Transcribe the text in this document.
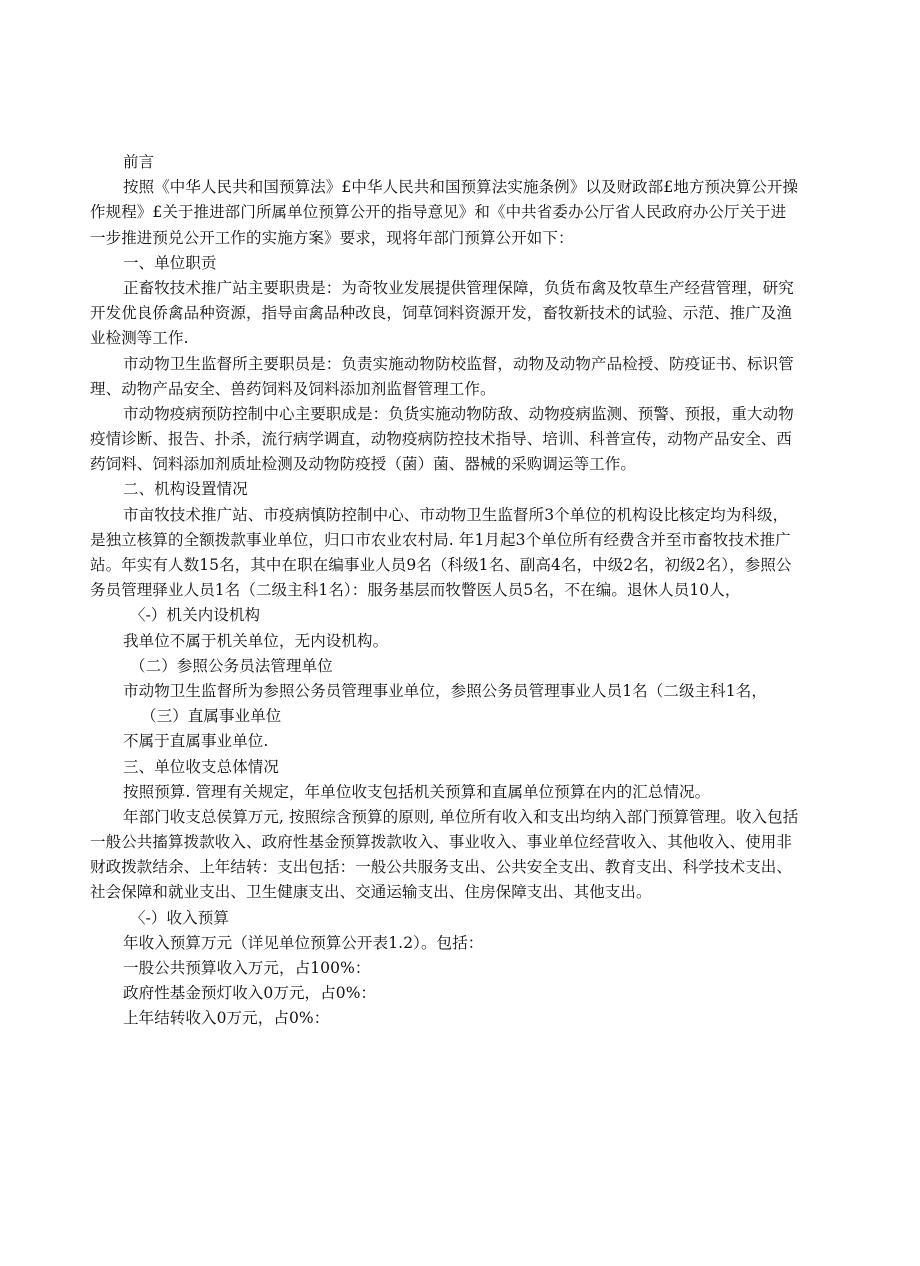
前言
按照《中华人民共和国预算法》£中华人民共和国预算法实施条例》以及财政部£地方预决算公开操
作规程》£关于推进部门所属单位预算公开的指导意见》和《中共省委办公厅省人民政府办公厅关于进
一步推进预兑公开工作的实施方案》要求，现将年部门预算公开如下：
一、单位职贡
正畜牧技术推广站主要职贵是：为奇牧业发展提供管理保障，负货布禽及牧草生产经营管理，研究
开发优良侨禽品种资源，指导亩禽品种改良，饲草饲料资源开发，畜牧新技术的试验、示范、推广及渔
业检测等工作.
市动物卫生监督所主要职员是：负责实施动物防校监督，动物及动物产品检授、防疫证书、标识管
理、动物产品安全、兽药饲料及饲料添加剂监督管理工作。
市动物疫病预防控制中心主要职成是：负货实施动物防敌、动物疫病监测、预警、预报，重大动物
疫情诊断、报告、扑杀，流行病学调直，动物疫病防控技术指导、培训、科普宣传，动物产品安全、西
药饲料、饲料添加剂质址检测及动物防疫授（菌）菌、器械的采购调运等工作。
二、机构设置情况
市亩牧技术推广站、市疫病慎防控制中心、市动物卫生监督所3个单位的机构设比核定均为科级，
是独立核算的全额拨款事业单位，归口市农业农村局. 年1月起3个单位所有经费含并至市畜牧技术推广
站。年实有人数15名，其中在职在编事业人员9名（科级1名、副高4名，中级2名，初级2名），参照公
务员管理驿业人员1名（二级主科1名）：服务基层而牧瞥医人员5名，不在编。退休人员10人，
〈-）机关内设机构
我单位不属于机关单位，无内设机构。
（二）参照公务员法管理单位
市动物卫生监督所为参照公务员管理事业单位，参照公务员管理事业人员1名（二级主科1名，
（三）直属事业单位
不属于直属事业单位.
三、单位收支总体情况
按照预算. 管理有关规定，年单位收支包括机关预算和直属单位预算在内的汇总情况。
年部门收支总侯算万元, 按照综含预算的原则, 单位所有收入和支出均纳入部门预算管理。收入包括
一般公共搐算拨款收入、政府性基金预算拨款收入、事业收入、事业单位经营收入、其他收入、使用非
财政拨款结余、上年结转：支出包括：一般公共服务支出、公共安全支出、教育支出、科学技术支出、
社会保障和就业支出、卫生健康支出、交通运输支出、住房保障支出、其他支出。
〈-）收入预算
年收入预算万元（详见单位预算公开表1.2）。包括：
一股公共预算收入万元，占100%：
政府性基金预灯收入0万元，占0%：
上年结转收入0万元，占0%：
